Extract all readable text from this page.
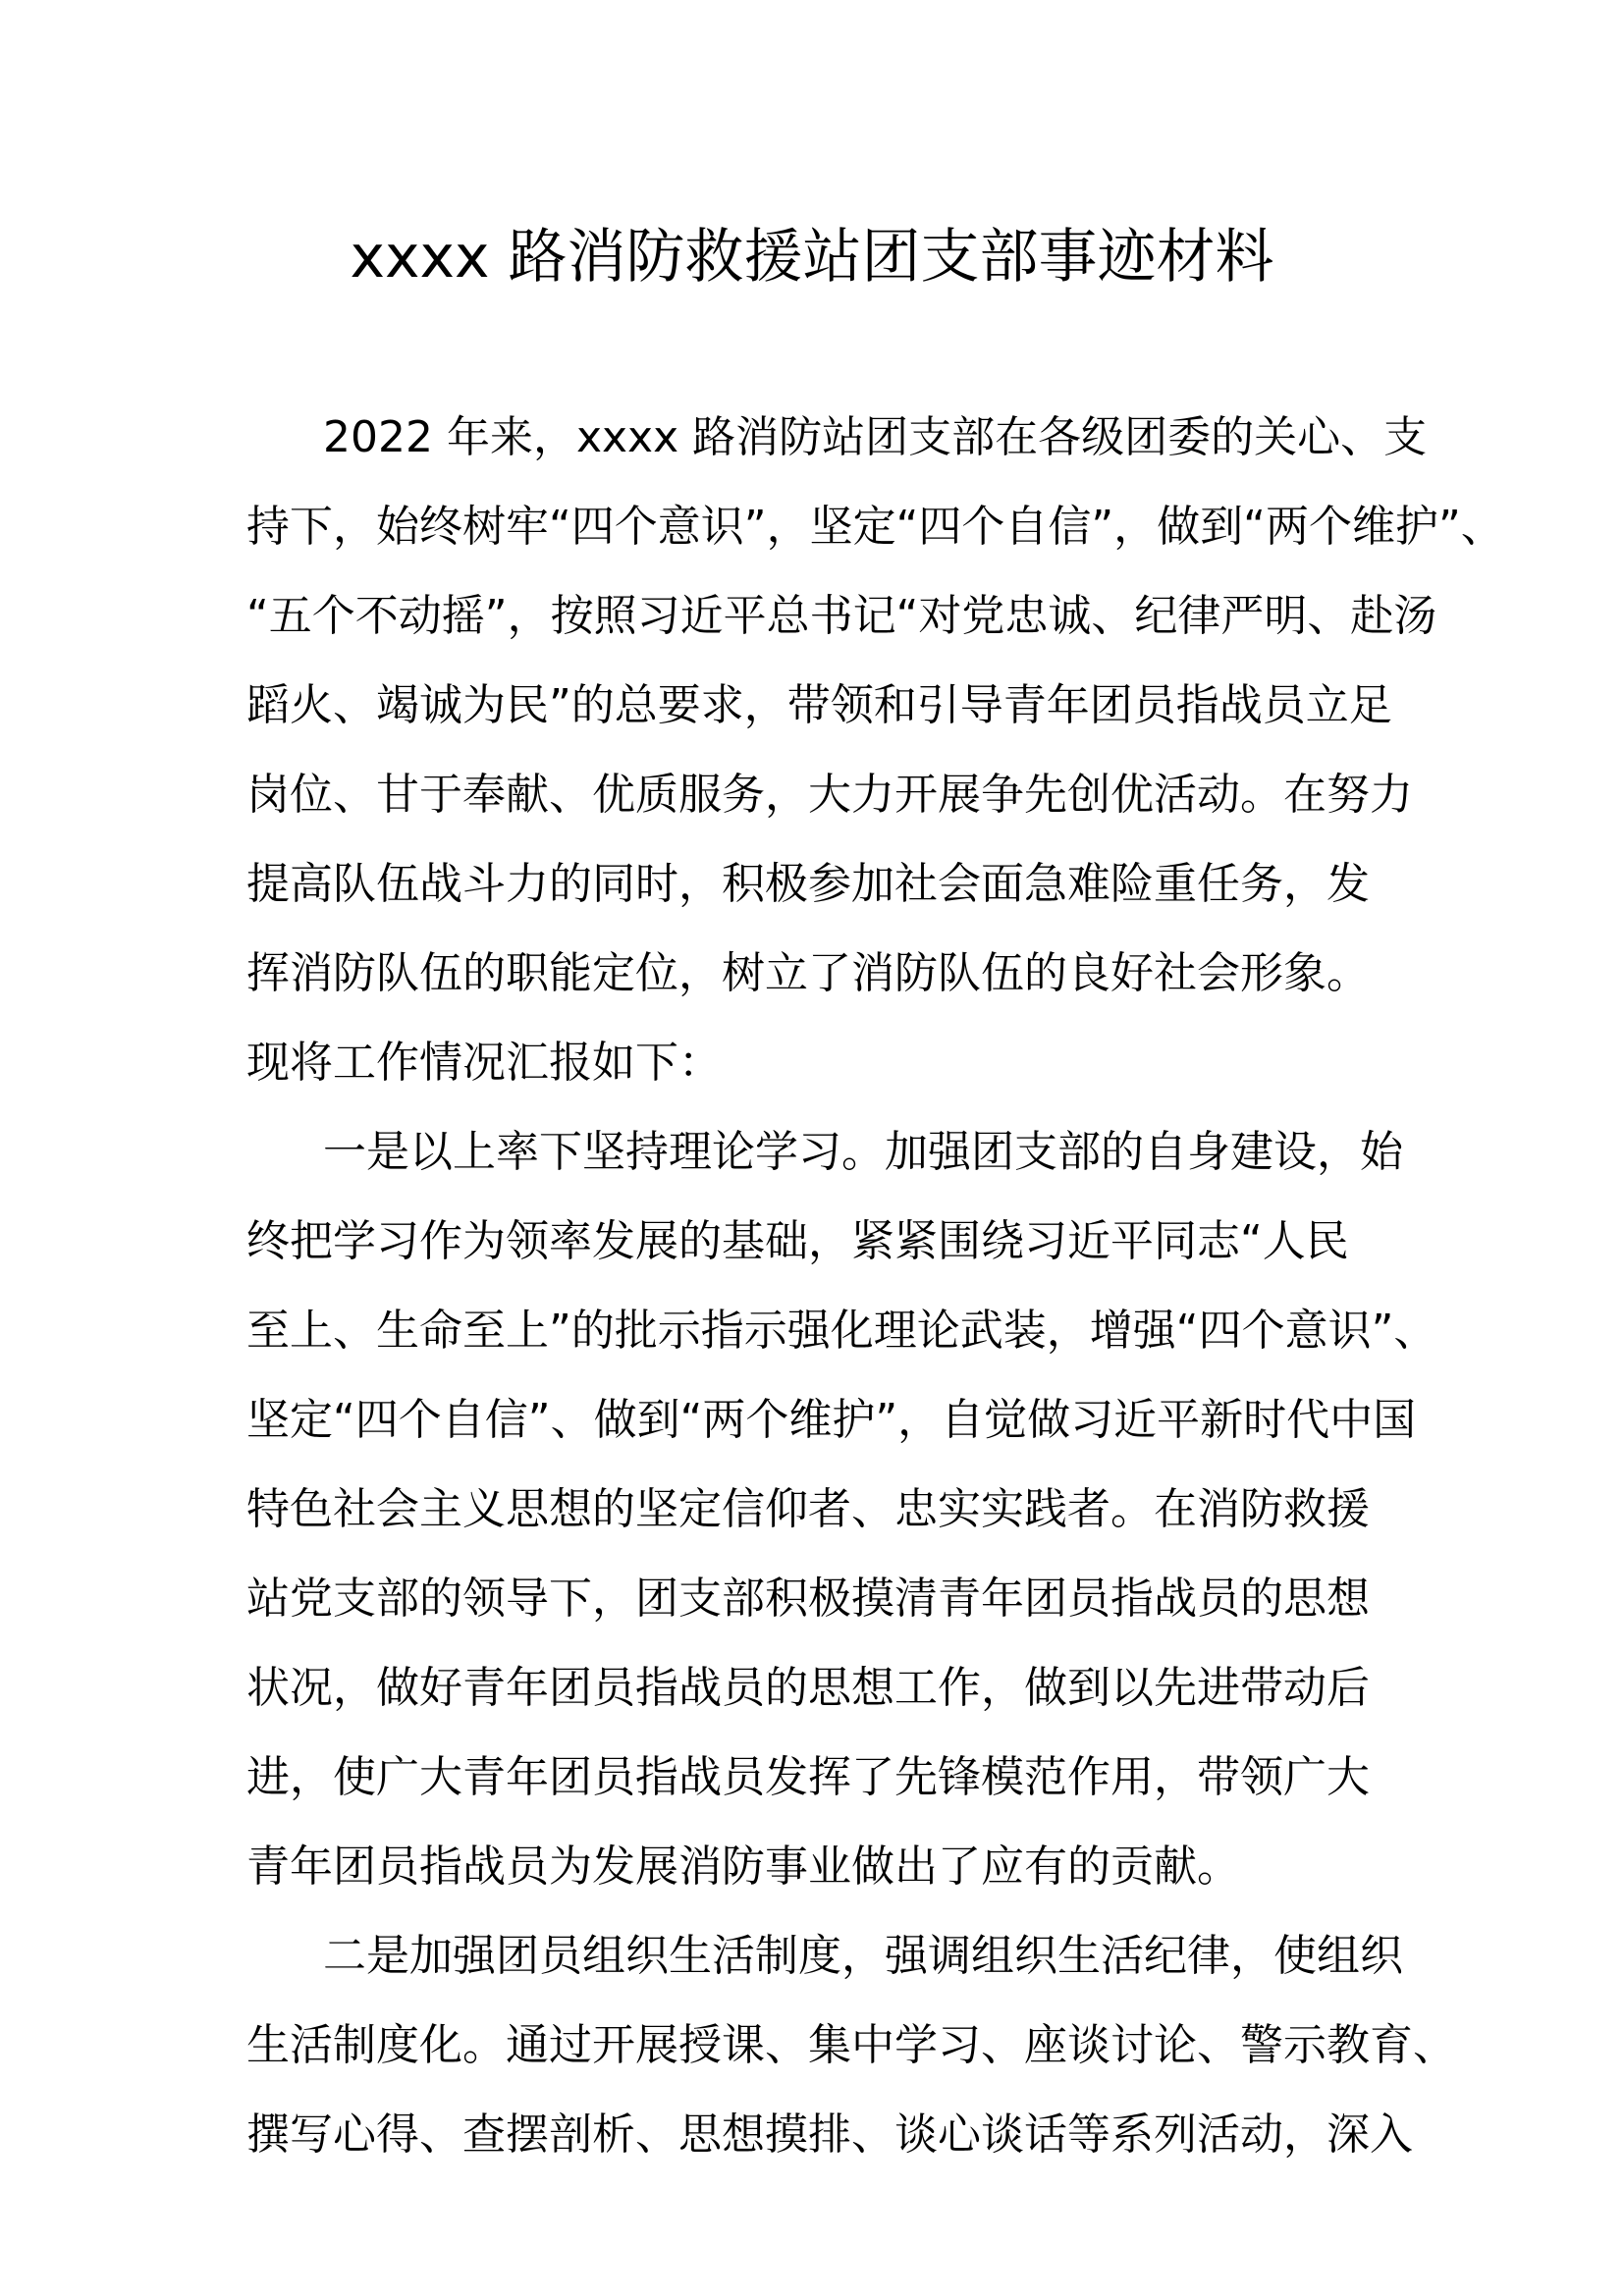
xxxx 路消防救援站团支部事迹材料
2022 年来，xxxx 路消防站团支部在各级团委的关心、支
持下，始终树牢“四个意识”，坚定“四个自信”，做到“两个维护”、
“五个不动摇”，按照习近平总书记“对党忠诚、纪律严明、赴汤
蹈火、竭诚为民”的总要求，带领和引导青年团员指战员立足
岗位、甘于奉献、优质服务，大力开展争先创优活动。在努力
提高队伍战斗力的同时，积极参加社会面急难险重任务，发
挥消防队伍的职能定位，树立了消防队伍的良好社会形象。
现将工作情况汇报如下：
一是以上率下坚持理论学习。加强团支部的自身建设，始
终把学习作为领率发展的基础，紧紧围绕习近平同志“人民
至上、生命至上”的批示指示强化理论武装，增强“四个意识”、
坚定“四个自信”、做到“两个维护”，自觉做习近平新时代中国
特色社会主义思想的坚定信仰者、忠实实践者。在消防救援
站党支部的领导下，团支部积极摸清青年团员指战员的思想
状况，做好青年团员指战员的思想工作，做到以先进带动后
进，使广大青年团员指战员发挥了先锋模范作用，带领广大
青年团员指战员为发展消防事业做出了应有的贡献。
二是加强团员组织生活制度，强调组织生活纪律，使组织
生活制度化。通过开展授课、集中学习、座谈讨论、警示教育、
撰写心得、查摆剖析、思想摸排、谈心谈话等系列活动，深入
